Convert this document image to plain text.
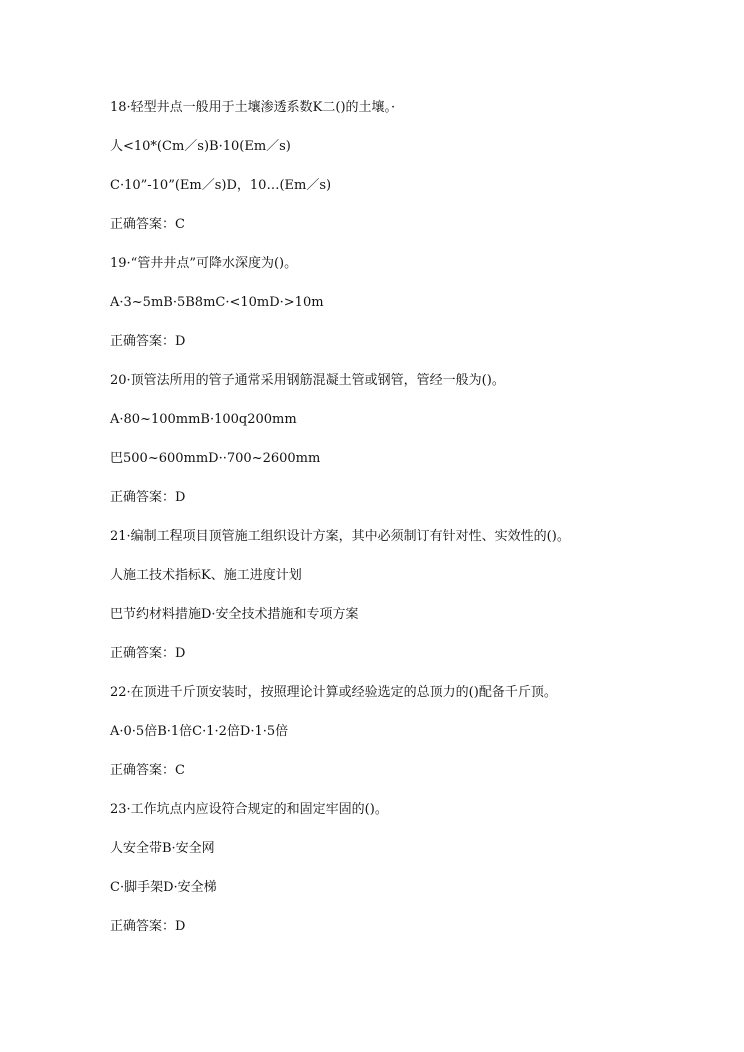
18·轻型井点一般用于土壤渗透系数K二()的土壤。·
人<10*(Cm／s)B·10(Em／s)
C·10”-10”(Em／s)D，10…(Em／s)
正确答案：C
19·“管井井点”可降水深度为()。
A·3~5mB·5B8mC·<10mD·>10m
正确答案：D
20·顶管法所用的管子通常采用钢筋混凝土管或钢管，管经一般为()。
A·80~100mmB·100q200mm
巴500~600mmD··700~2600mm
正确答案：D
21·编制工程项目顶管施工组织设计方案，其中必须制订有针对性、实效性的()。
人施工技术指标K、施工进度计划
巴节约材料措施D·安全技术措施和专项方案
正确答案：D
22·在顶进千斤顶安装时，按照理论计算或经验选定的总顶力的()配备千斤顶。
A·0·5倍B·1倍C·1·2倍D·1·5倍
正确答案：C
23·工作坑点内应设符合规定的和固定牢固的()。
人安全带B·安全网
C·脚手架D·安全梯
正确答案：D
